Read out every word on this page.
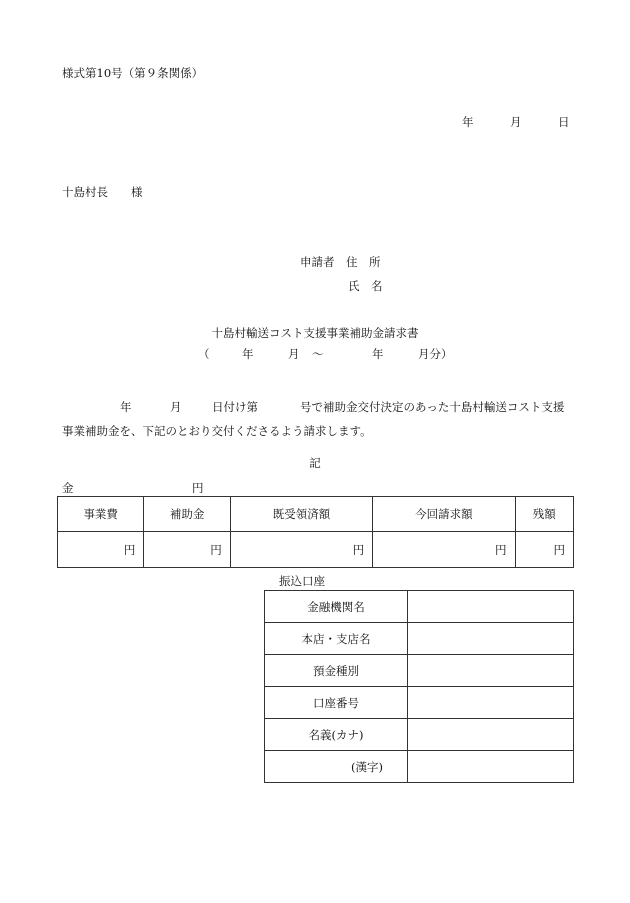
様式第10号（第９条関係）
年	月	日
十島村長　　様
申請者　住　所
氏　名
十島村輸送コスト支援事業補助金請求書
（	年	月 ～	年	月分）
年	月	日付け第	号で補助金交付決定のあった十島村輸送コスト支援事業補助金を、下記のとおり交付くださるよう請求します。
記
金	円
事業費	補助金	既受領済額	今回請求額	残額
円	円	円	円	円
振込口座
金融機関名	
本店・支店名	
預金種別	
口座番号	
名義(カナ)	
(漢字)	
